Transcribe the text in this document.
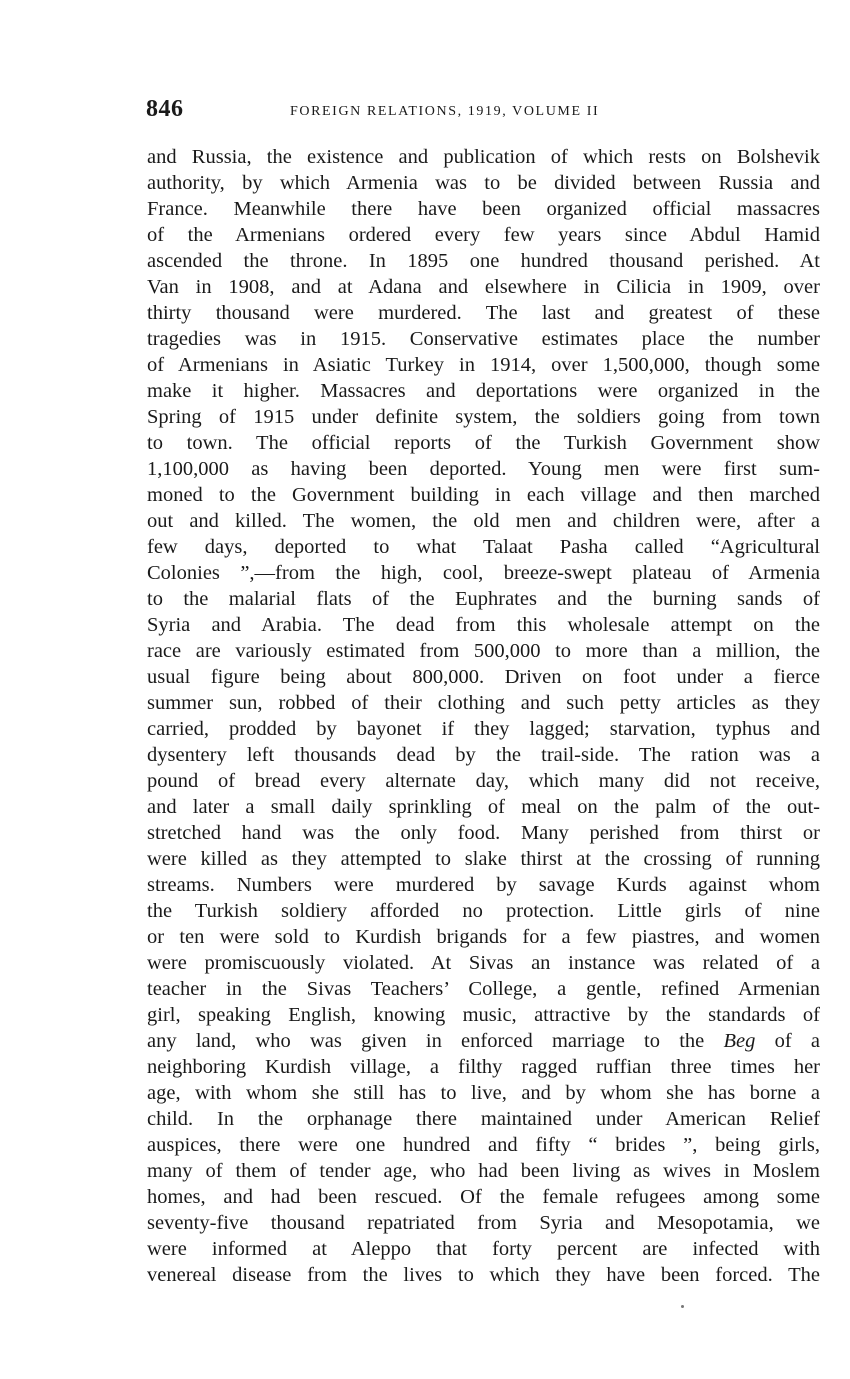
846	FOREIGN RELATIONS, 1919, VOLUME II
and Russia, the existence and publication of which rests on Bolshevik
authority, by which Armenia was to be divided between Russia and
France. Meanwhile there have been organized official massacres
of the Armenians ordered every few years since Abdul Hamid
ascended the throne. In 1895 one hundred thousand perished. At
Van in 1908, and at Adana and elsewhere in Cilicia in 1909, over
thirty thousand were murdered. The last and greatest of these
tragedies was in 1915. Conservative estimates place the number
of Armenians in Asiatic Turkey in 1914, over 1,500,000, though some
make it higher. Massacres and deportations were organized in the
Spring of 1915 under definite system, the soldiers going from town
to town. The official reports of the Turkish Government show
1,100,000 as having been deported. Young men were first sum-
moned to the Government building in each village and then marched
out and killed. The women, the old men and children were, after a
few days, deported to what Talaat Pasha called “Agricultural
Colonies ”,—from the high, cool, breeze-swept plateau of Armenia
to the malarial flats of the Euphrates and the burning sands of
Syria and Arabia. The dead from this wholesale attempt on the
race are variously estimated from 500,000 to more than a million, the
usual figure being about 800,000. Driven on foot under a fierce
summer sun, robbed of their clothing and such petty articles as they
carried, prodded by bayonet if they lagged; starvation, typhus and
dysentery left thousands dead by the trail-side. The ration was a
pound of bread every alternate day, which many did not receive,
and later a small daily sprinkling of meal on the palm of the out-
stretched hand was the only food. Many perished from thirst or
were killed as they attempted to slake thirst at the crossing of running
streams. Numbers were murdered by savage Kurds against whom
the Turkish soldiery afforded no protection. Little girls of nine
or ten were sold to Kurdish brigands for a few piastres, and women
were promiscuously violated. At Sivas an instance was related of a
teacher in the Sivas Teachers’ College, a gentle, refined Armenian
girl, speaking English, knowing music, attractive by the standards of
any land, who was given in enforced marriage to the Beg of a
neighboring Kurdish village, a filthy ragged ruffian three times her
age, with whom she still has to live, and by whom she has borne a
child. In the orphanage there maintained under American Relief
auspices, there were one hundred and fifty “ brides ”, being girls,
many of them of tender age, who had been living as wives in Moslem
homes, and had been rescued. Of the female refugees among some
seventy-five thousand repatriated from Syria and Mesopotamia, we
were informed at Aleppo that forty percent are infected with
venereal disease from the lives to which they have been forced. The
